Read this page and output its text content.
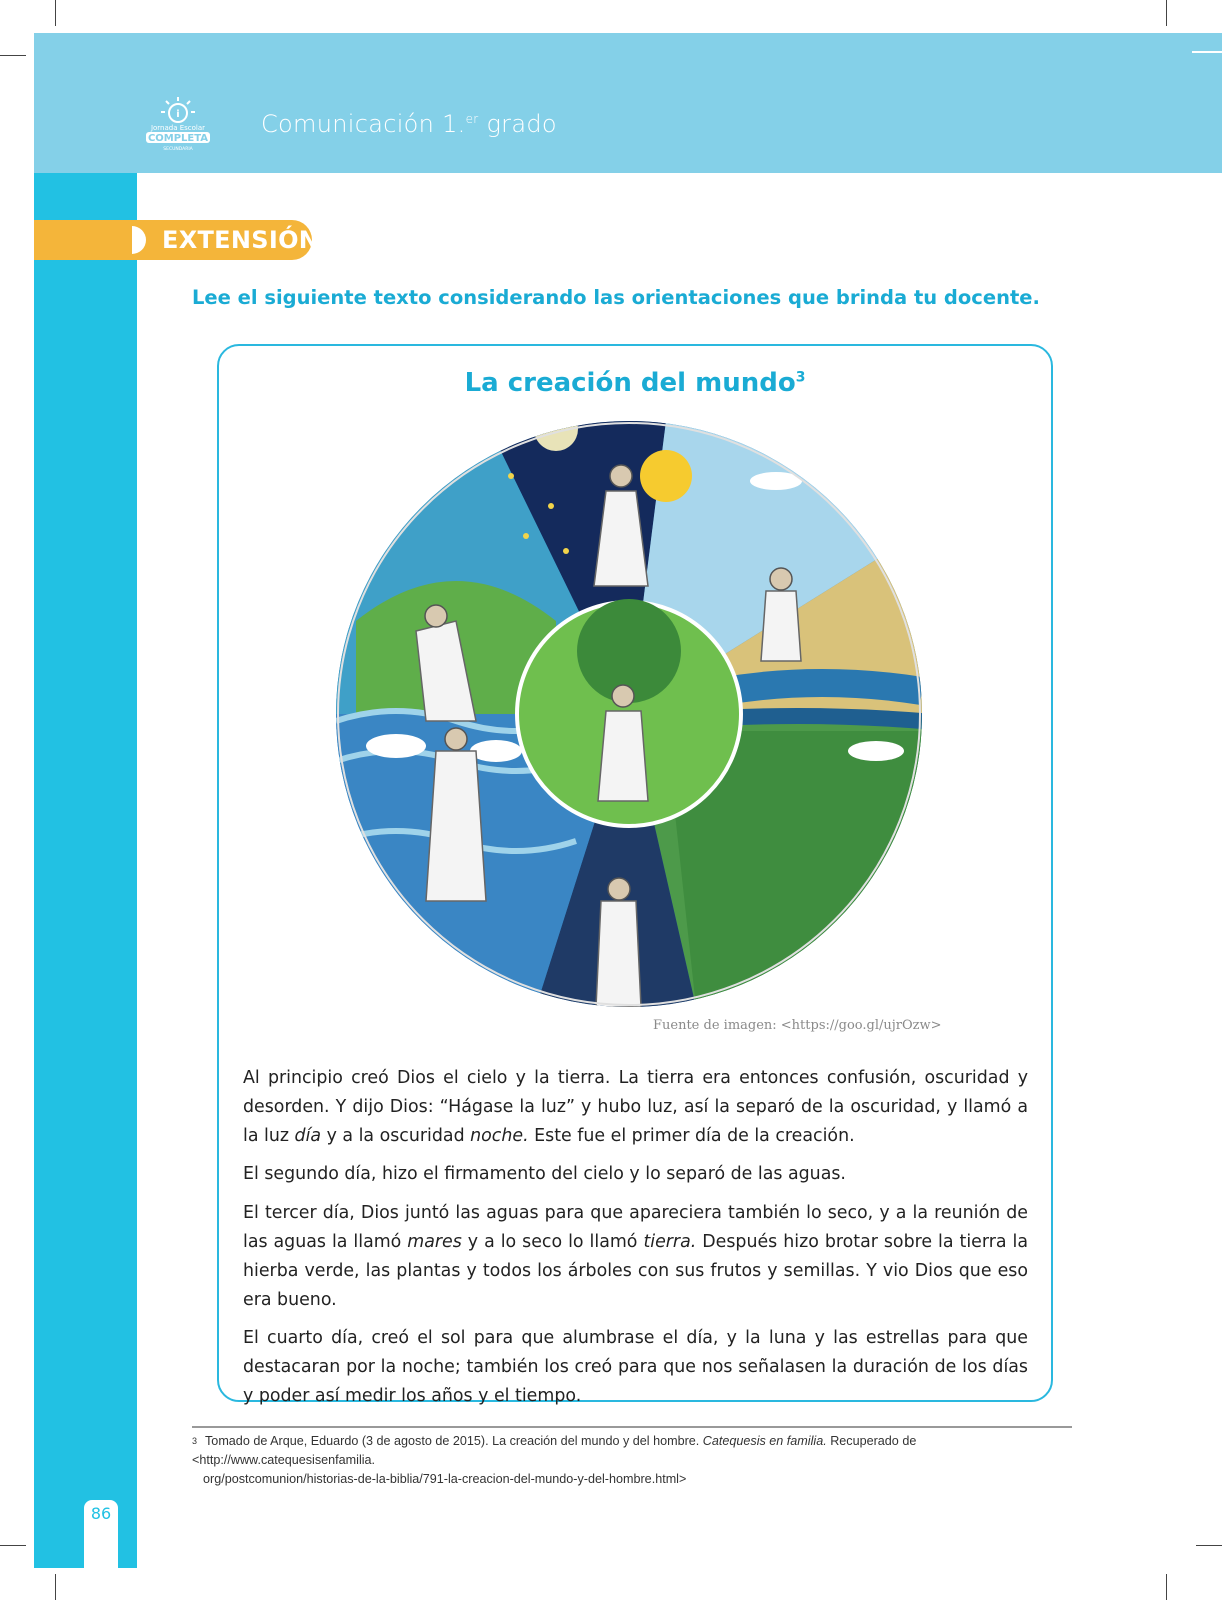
i
Jornada Escolar
COMPLETA
SECUNDARIA
Comunicación 1.$^{er}$ grado
EXTENSIÓN
Lee el siguiente texto considerando las orientaciones que brinda tu docente.
La creación del mundo$^3$
Fuente de imagen: <https://goo.gl/ujrOzw>

Al principio creó Dios el cielo y la tierra. La tierra era entonces confusión, oscuridad y desorden. Y dijo Dios: “Hágase la luz” y hubo luz, así la separó de la oscuridad, y llamó a la luz día y a la oscuridad noche. Este fue el primer día de la creación.

El segundo día, hizo el firmamento del cielo y lo separó de las aguas.

El tercer día, Dios juntó las aguas para que apareciera también lo seco, y a la reunión de las aguas la llamó mares y a lo seco lo llamó tierra. Después hizo brotar sobre la tierra la hierba verde, las plantas y todos los árboles con sus frutos y semillas. Y vio Dios que eso era bueno.

El cuarto día, creó el sol para que alumbrase el día, y la luna y las estrellas para que destacaran por la noche; también los creó para que nos señalasen la duración de los días y poder así medir los años y el tiempo.

$^3$ Tomado de Arque, Eduardo (3 de agosto de 2015). La creación del mundo y del hombre. Catequesis en familia. Recuperado de <http://www.catequesisenfamilia.
org/postcomunion/historias-de-la-biblia/791-la-creacion-del-mundo-y-del-hombre.html>
86
